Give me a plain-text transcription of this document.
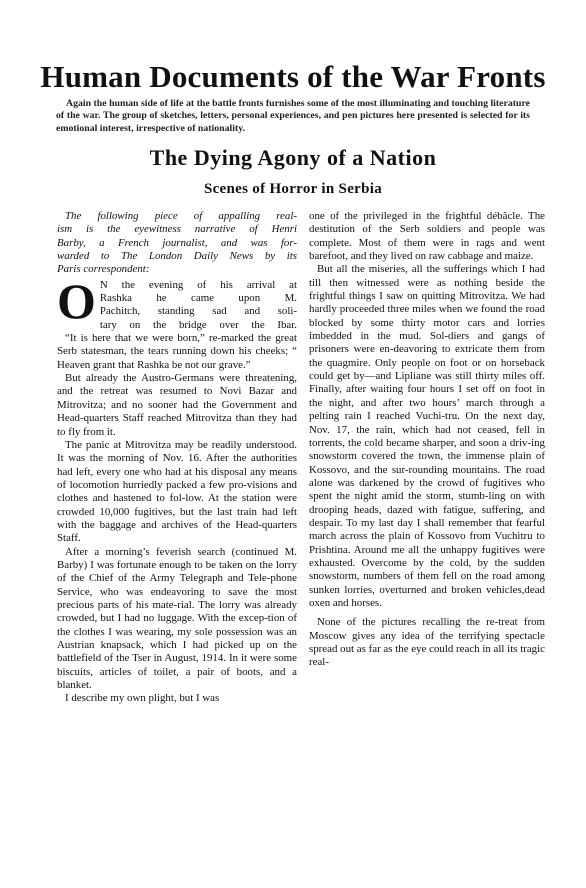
Human Documents of the War Fronts

Again the human side of life at the battle fronts furnishes some of the most illuminating and touching literature of the war. The group of sketches, letters, personal experiences, and pen pictures here presented is selected for its emotional interest, irrespective of nationality.

The Dying Agony of a Nation
Scenes of Horror in Serbia
The following piece of appalling real-
ism is the eyewitness narrative of Henri
Barby, a French journalist, and was for-
warded to The London Daily News by its
Paris correspondent:
O N the evening of his arrival at
Rashka he came upon M.
Pachitch, standing sad and soli-
tary on the bridge over the Ibar.

“It is here that we were born,” re-marked the great Serb statesman, the tears running down his cheeks; “ Heaven grant that Rashka be not our grave.”

But already the Austro-Germans were threatening, and the retreat was resumed to Novi Bazar and Mitrovitza; and no sooner had the Government and Head-quarters Staff reached Mitrovitza than they had to fly from it.

The panic at Mitrovitza may be readily understood. It was the morning of Nov. 16. After the authorities had left, every one who had at his disposal any means of locomotion hurriedly packed a few pro-visions and clothes and hastened to fol-low. At the station were crowded 10,000 fugitives, but the last train had left with the baggage and archives of the Head-quarters Staff.

After a morning’s feverish search (continued M. Barby) I was fortunate enough to be taken on the lorry of the Chief of the Army Telegraph and Tele-phone Service, who was endeavoring to save the most precious parts of his mate-rial. The lorry was already crowded, but I had no luggage. With the excep-tion of the clothes I was wearing, my sole possession was an Austrian knapsack, which I had picked up on the battlefield of the Tser in August, 1914. In it were some biscuits, articles of toilet, a pair of boots, and a blanket.

I describe my own plight, but I was

one of the privileged in the frightful débâcle. The destitution of the Serb soldiers and people was complete. Most of them were in rags and went barefoot, and they lived on raw cabbage and maize.

But all the miseries, all the sufferings which I had till then witnessed were as nothing beside the frightful things I saw on quitting Mitrovitza. We had hardly proceeded three miles when we found the road blocked by some thirty motor cars and lorries imbedded in the mud. Sol-diers and gangs of prisoners were en-deavoring to extricate them from the quagmire. Only people on foot or on horseback could get by—and Lipliane was still thirty miles off. Finally, after waiting four hours I set off on foot in the night, and after two hours’ march through a pelting rain I reached Vuchi-tru. On the next day, Nov. 17, the rain, which had not ceased, fell in torrents, the cold became sharper, and soon a driv-ing snowstorm covered the town, the immense plain of Kossovo, and the sur-rounding mountains. The road alone was darkened by the crowd of fugitives who spent the night amid the storm, stumb-ling on with drooping heads, dazed with fatigue, suffering, and despair. To my last day I shall remember that fearful march across the plain of Kossovo from Vuchitru to Prishtina. Around me all the unhappy fugitives were exhausted. Overcome by the cold, by the sudden snowstorm, numbers of them fell on the road among sunken lorries, overturned and broken vehicles,dead oxen and horses.

None of the pictures recalling the re-treat from Moscow gives any idea of the terrifying spectacle spread out as far as the eye could reach in all its tragic real-
